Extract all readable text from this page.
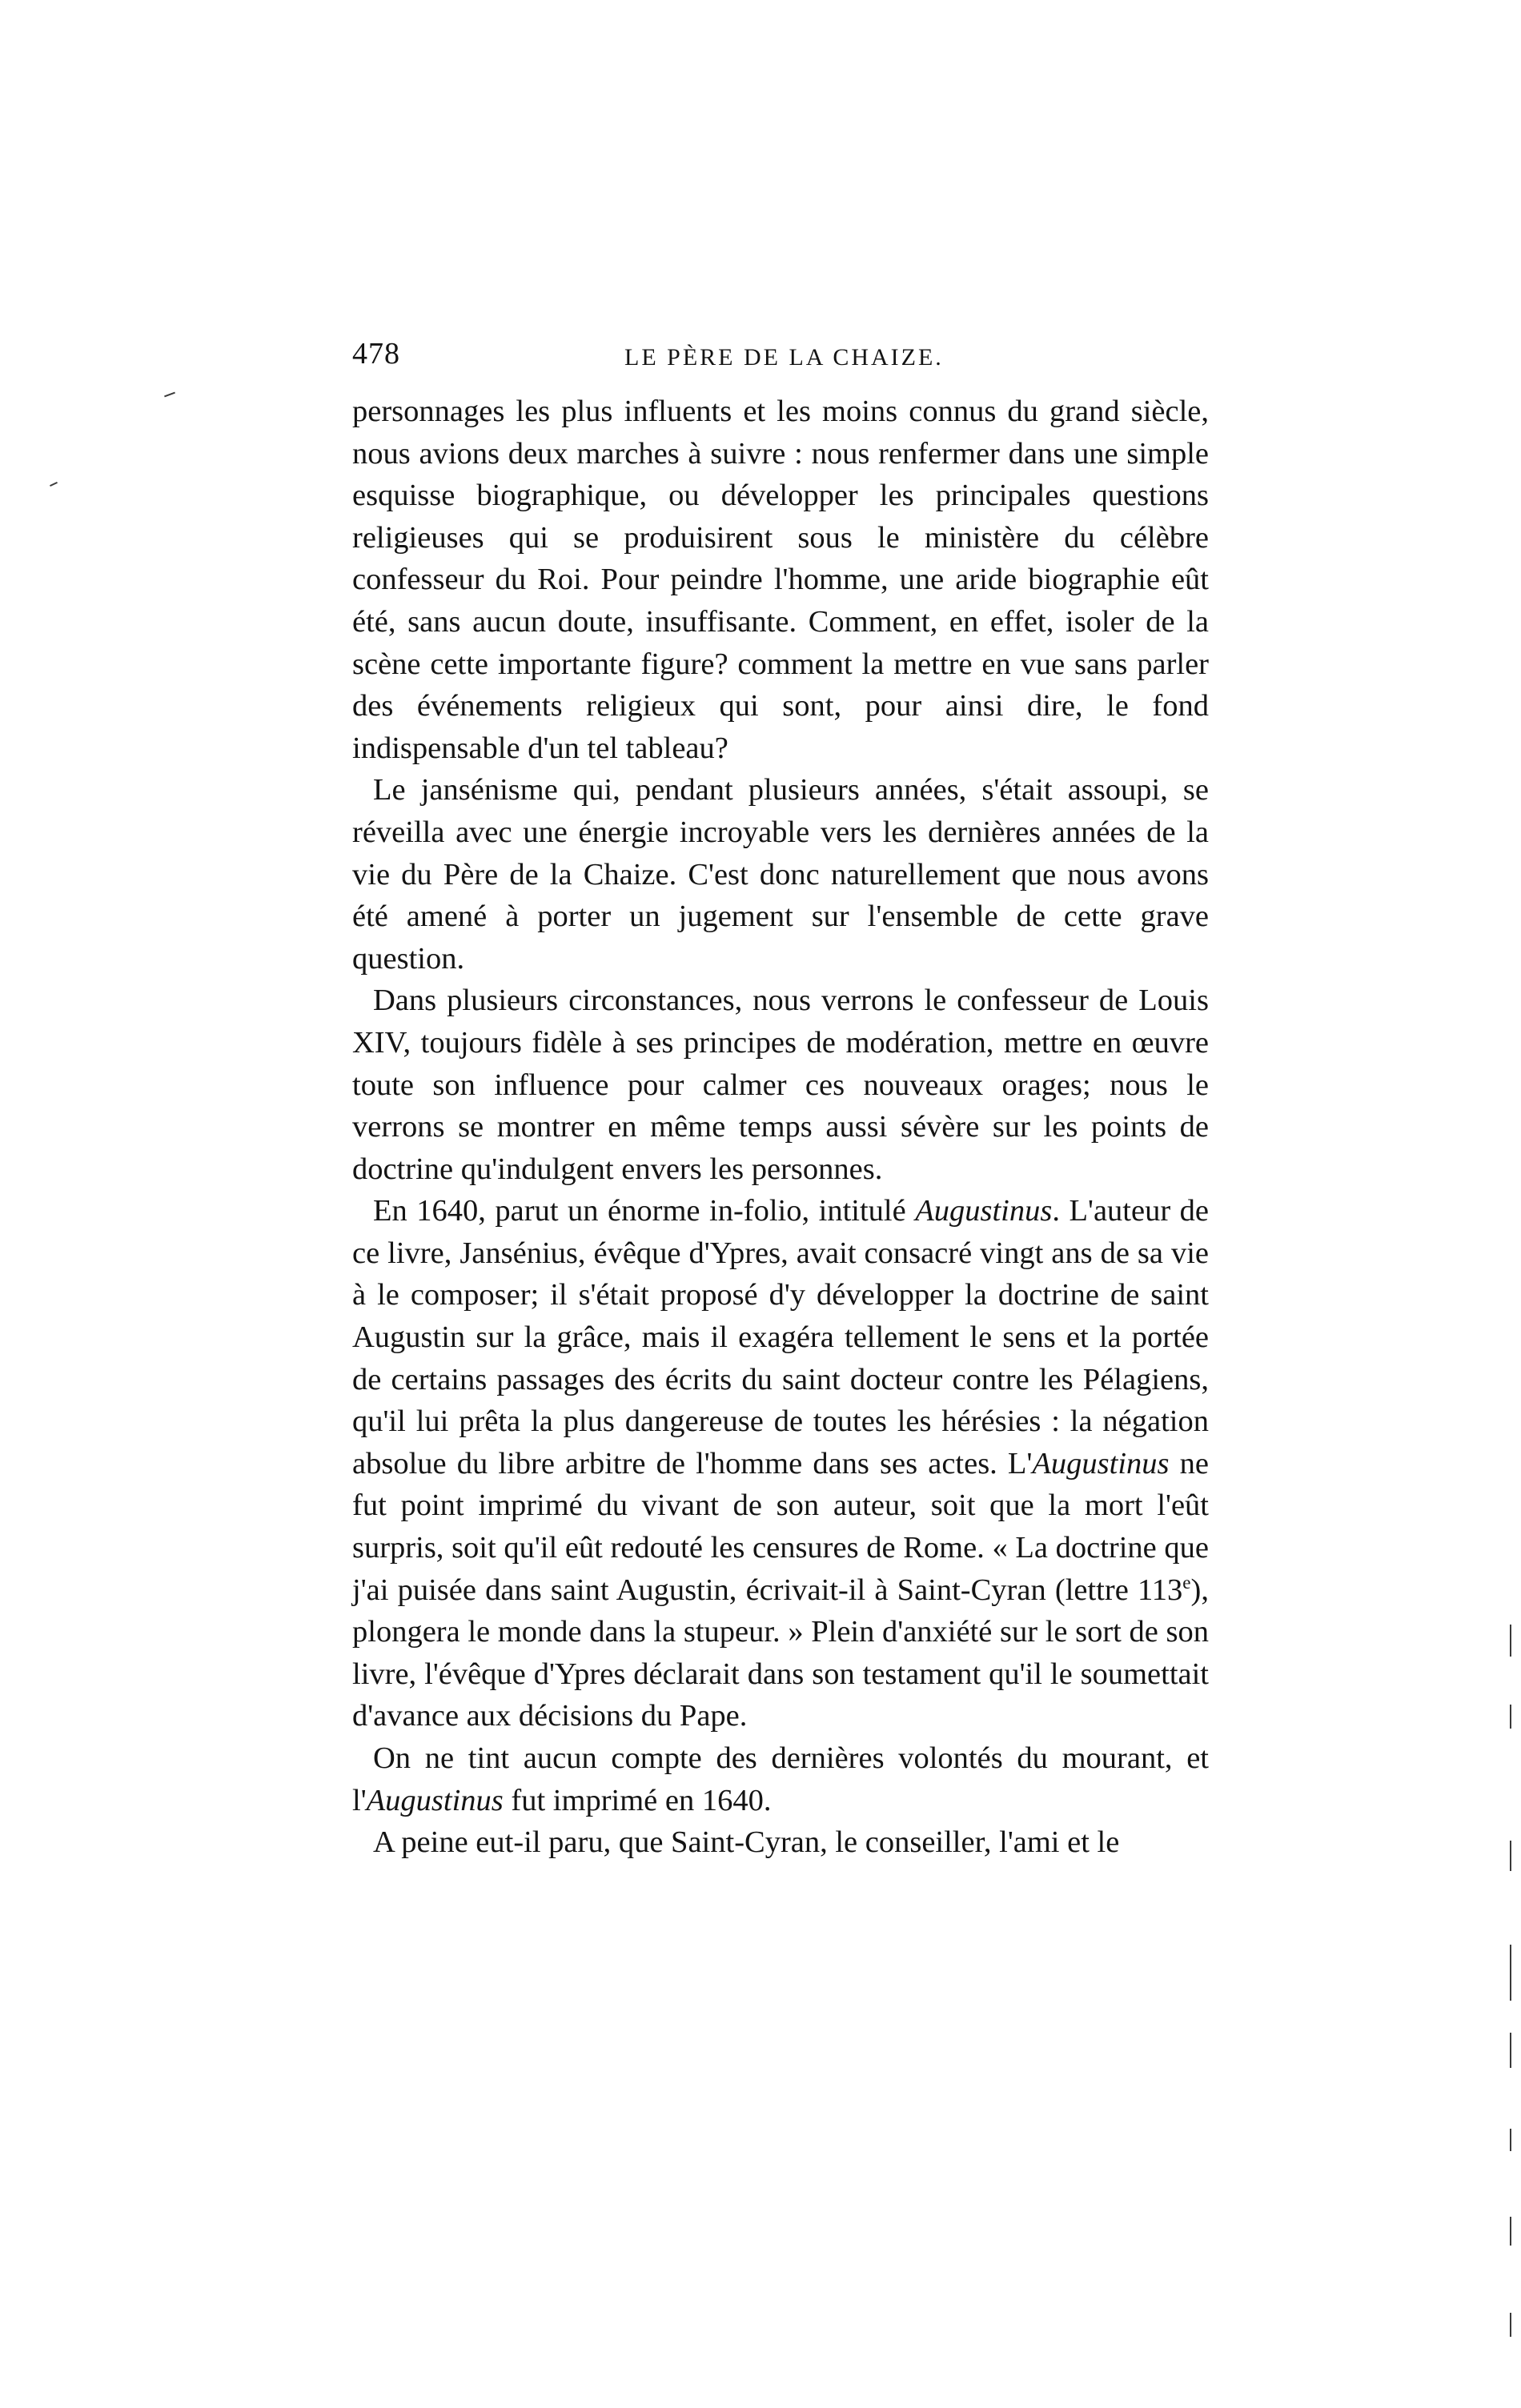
478	LE PÈRE DE LA CHAIZE.

personnages les plus influents et les moins connus du grand siècle, nous avions deux marches à suivre : nous renfermer dans une simple esquisse biographique, ou développer les principales questions religieuses qui se produisirent sous le ministère du célèbre confesseur du Roi. Pour peindre l'homme, une aride biographie eût été, sans aucun doute, insuffisante. Comment, en effet, isoler de la scène cette importante figure? comment la mettre en vue sans parler des événements religieux qui sont, pour ainsi dire, le fond indispensable d'un tel tableau?

Le jansénisme qui, pendant plusieurs années, s'était assoupi, se réveilla avec une énergie incroyable vers les dernières années de la vie du Père de la Chaize. C'est donc naturellement que nous avons été amené à porter un jugement sur l'ensemble de cette grave question.

Dans plusieurs circonstances, nous verrons le confesseur de Louis XIV, toujours fidèle à ses principes de modération, mettre en œuvre toute son influence pour calmer ces nouveaux orages; nous le verrons se montrer en même temps aussi sévère sur les points de doctrine qu'indulgent envers les personnes.

En 1640, parut un énorme in-folio, intitulé Augustinus. L'auteur de ce livre, Jansénius, évêque d'Ypres, avait consacré vingt ans de sa vie à le composer; il s'était proposé d'y développer la doctrine de saint Augustin sur la grâce, mais il exagéra tellement le sens et la portée de certains passages des écrits du saint docteur contre les Pélagiens, qu'il lui prêta la plus dangereuse de toutes les hérésies : la négation absolue du libre arbitre de l'homme dans ses actes. L'Augustinus ne fut point imprimé du vivant de son auteur, soit que la mort l'eût surpris, soit qu'il eût redouté les censures de Rome. « La doctrine que j'ai puisée dans saint Augustin, écrivait-il à Saint-Cyran (lettre 113e), plongera le monde dans la stupeur. » Plein d'anxiété sur le sort de son livre, l'évêque d'Ypres déclarait dans son testament qu'il le soumettait d'avance aux décisions du Pape.

On ne tint aucun compte des dernières volontés du mourant, et l'Augustinus fut imprimé en 1640.

A peine eut-il paru, que Saint-Cyran, le conseiller, l'ami et le
